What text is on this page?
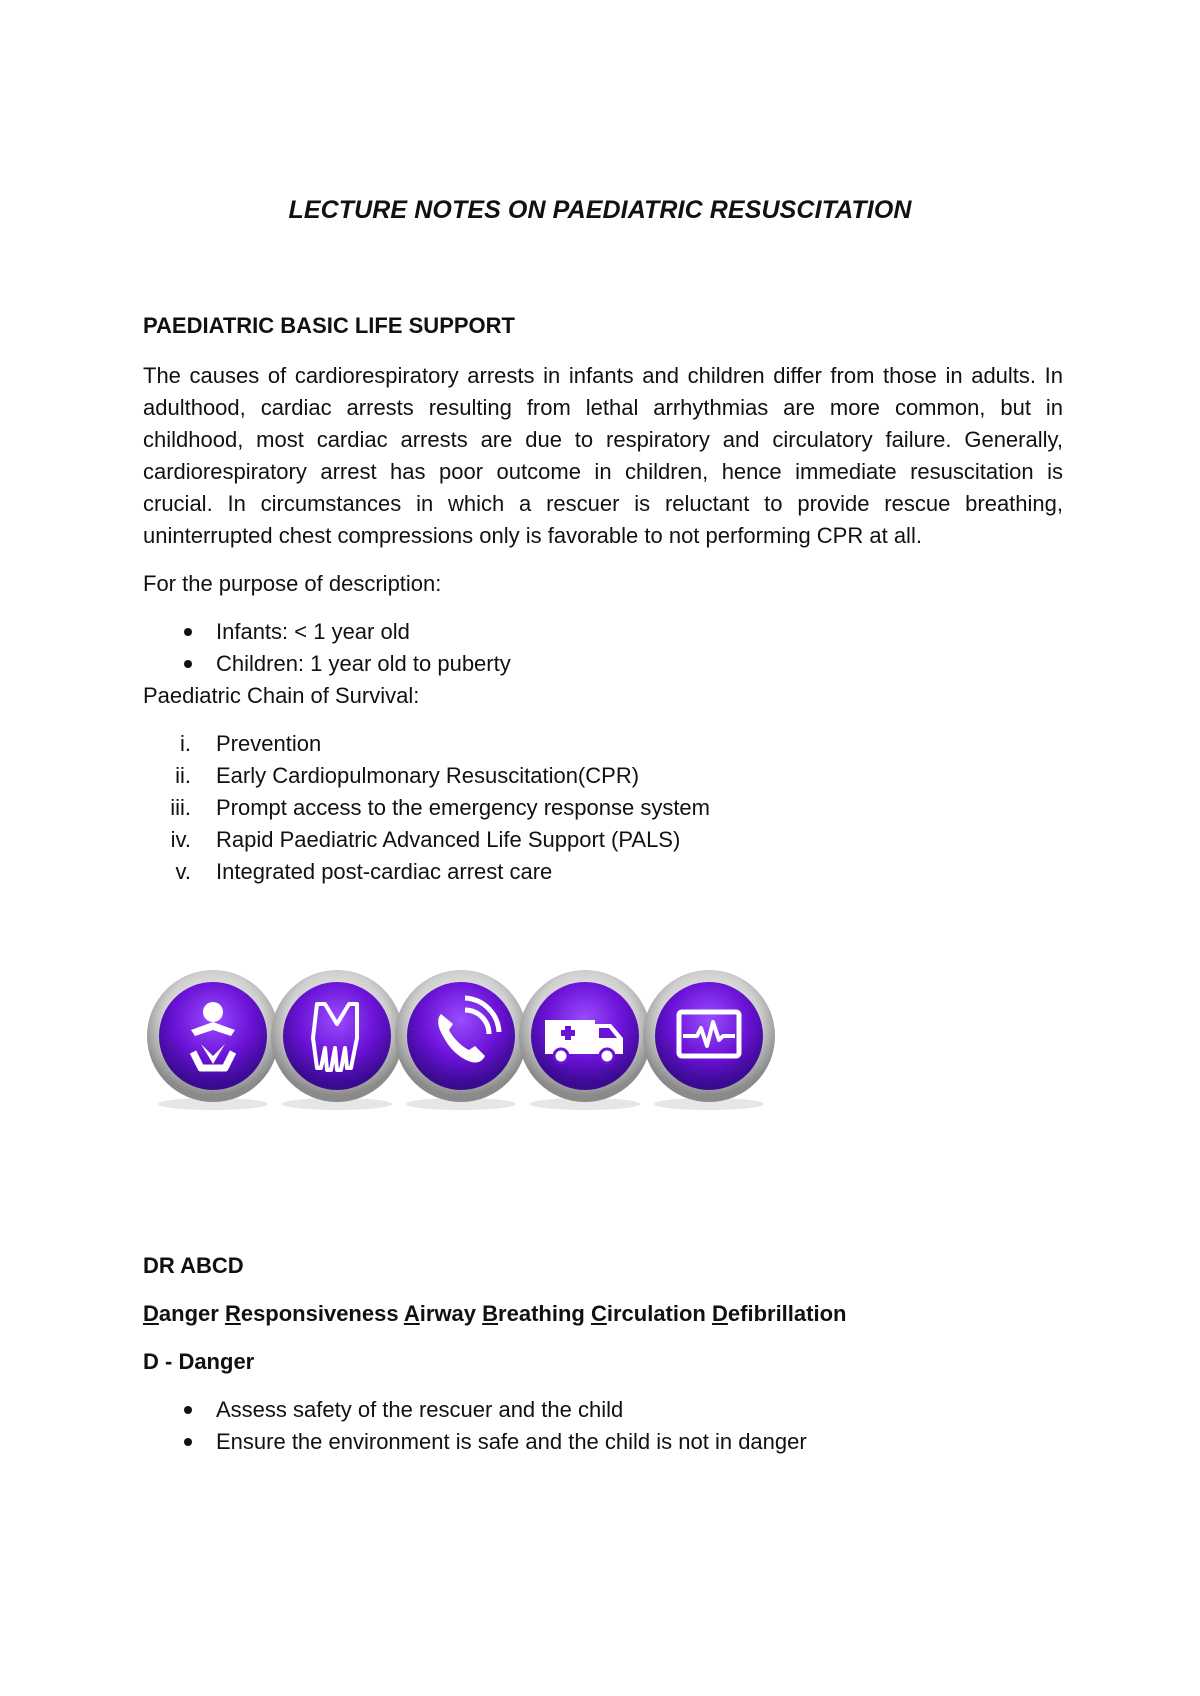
LECTURE NOTES ON PAEDIATRIC RESUSCITATION

PAEDIATRIC BASIC LIFE SUPPORT

The causes of cardiorespiratory arrests in infants and children differ from those in adults. In adulthood, cardiac arrests resulting from lethal arrhythmias are more common, but in childhood, most cardiac arrests are due to respiratory and circulatory failure. Generally, cardiorespiratory arrest has poor outcome in children, hence immediate resuscitation is crucial. In circumstances in which a rescuer is reluctant to provide rescue breathing, uninterrupted chest compressions only is favorable to not performing CPR at all.

For the purpose of description:

Infants: < 1 year old
Children: 1 year old to puberty

Paediatric Chain of Survival:

i. Prevention
ii. Early Cardiopulmonary Resuscitation(CPR)
iii. Prompt access to the emergency response system
iv. Rapid Paediatric Advanced Life Support (PALS)
v. Integrated post-cardiac arrest care

DR ABCD

Danger Responsiveness Airway Breathing Circulation Defibrillation

D - Danger

Assess safety of the rescuer and the child
Ensure the environment is safe and the child is not in danger
